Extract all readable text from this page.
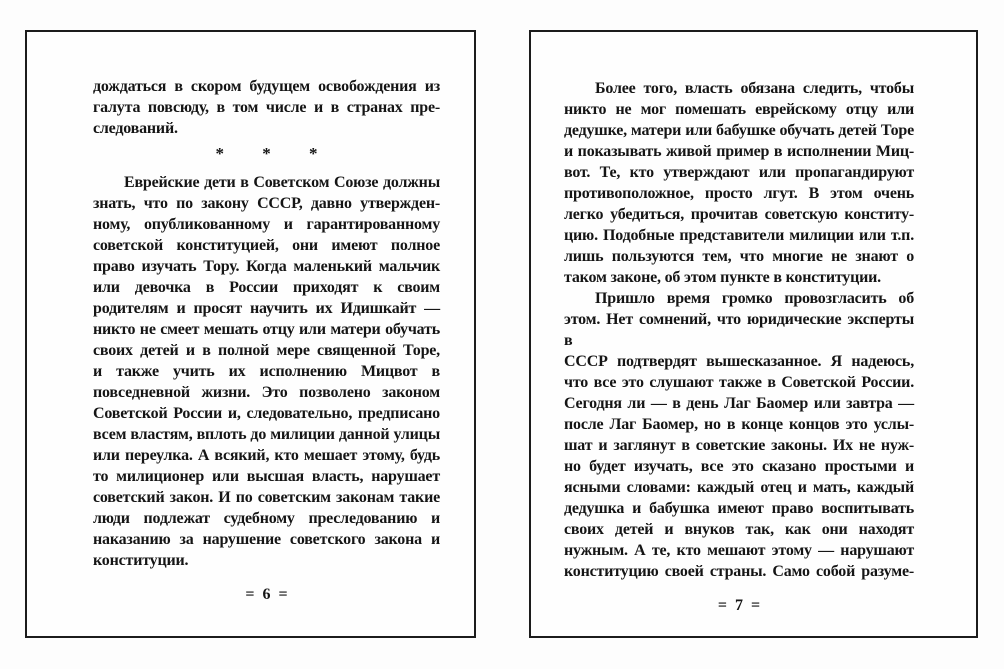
дождаться в скором будущем освобождения из
галута повсюду, в том числе и в странах пре-
следований.
* * *
Еврейские дети в Советском Союзе должны
знать, что по закону СССР, давно утвержден-
ному, опубликованному и гарантированному
советской конституцией, они имеют полное
право изучать Тору. Когда маленький мальчик
или девочка в России приходят к своим
родителям и просят научить их Идишкайт —
никто не смеет мешать отцу или матери обучать
своих детей и в полной мере священной Торе,
и также учить их исполнению Мицвот в
повседневной жизни. Это позволено законом
Советской России и, следовательно, предписано
всем властям, вплоть до милиции данной улицы
или переулка. А всякий, кто мешает этому, будь
то милиционер или высшая власть, нарушает
советский закон. И по советским законам такие
люди подлежат судебному преследованию и
наказанию за нарушение советского закона и
конституции.
= 6 =
Более того, власть обязана следить, чтобы
никто не мог помешать еврейскому отцу или
дедушке, матери или бабушке обучать детей Торе
и показывать живой пример в исполнении Миц-
вот. Те, кто утверждают или пропагандируют
противоположное, просто лгут. В этом очень
легко убедиться, прочитав советскую конститу-
цию. Подобные представители милиции или т.п.
лишь пользуются тем, что многие не знают о
таком законе, об этом пункте в конституции.
Пришло время громко провозгласить об
этом. Нет сомнений, что юридические эксперты в
СССР подтвердят вышесказанное. Я надеюсь,
что все это слушают также в Советской России.
Сегодня ли — в день Лаг Баомер или завтра —
после Лаг Баомер, но в конце концов это услы-
шат и заглянут в советские законы. Их не нуж-
но будет изучать, все это сказано простыми и
ясными словами: каждый отец и мать, каждый
дедушка и бабушка имеют право воспитывать
своих детей и внуков так, как они находят
нужным. А те, кто мешают этому — нарушают
конституцию своей страны. Само собой разуме-
= 7 =
